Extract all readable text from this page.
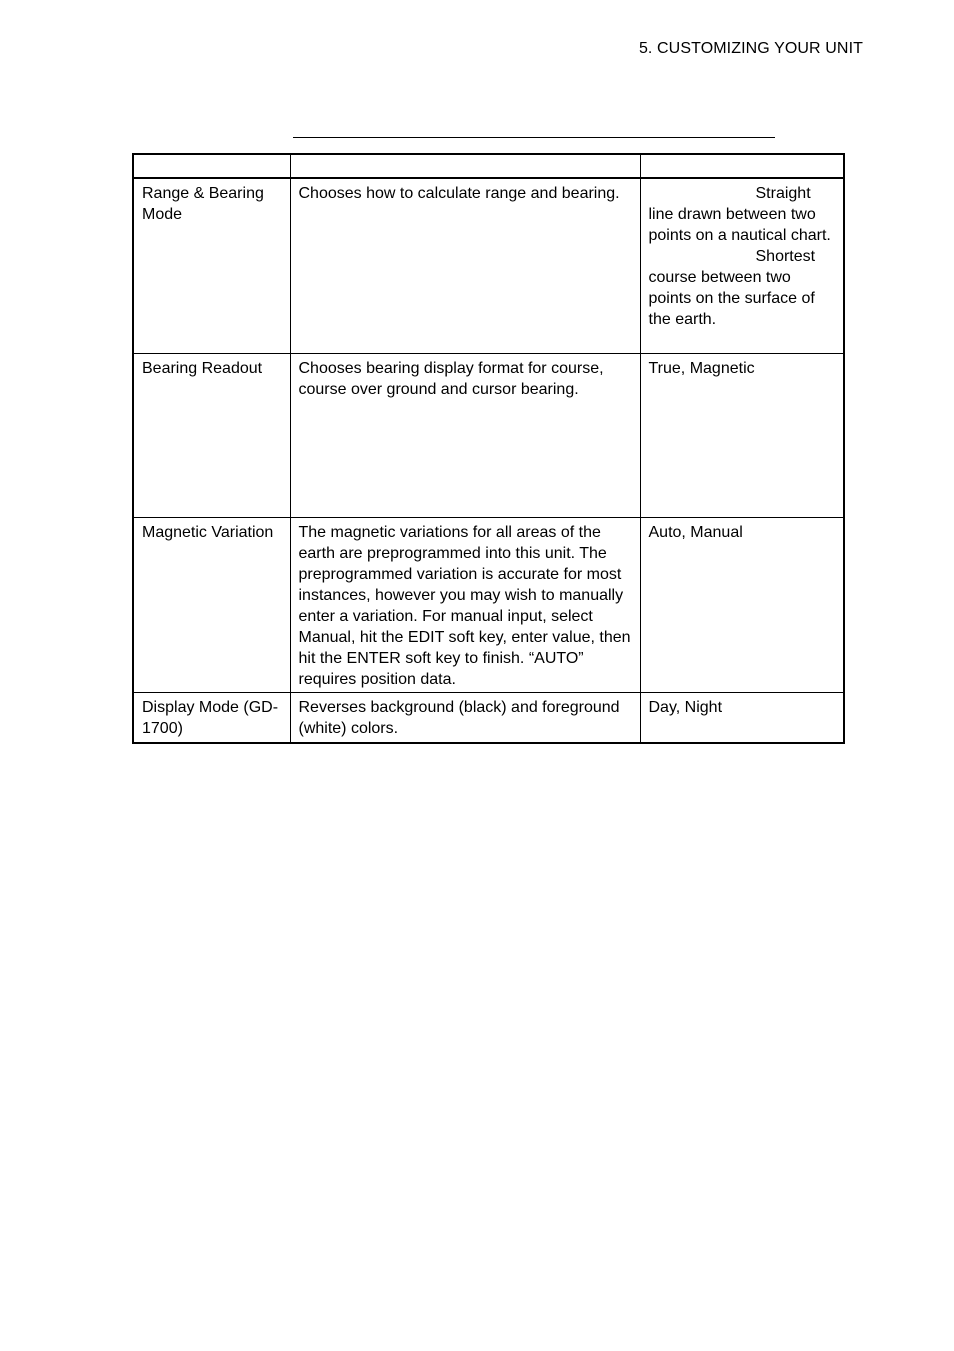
5. CUSTOMIZING YOUR UNIT

Range & Bearing Mode	Chooses how to calculate range and bearing.	Straight
line drawn between two points on a nautical chart.
Shortest
course between two points on the surface of the earth.

Bearing Readout	Chooses bearing display format for course, course over ground and cursor bearing.	True, Magnetic
Magnetic Variation	The magnetic variations for all areas of the earth are preprogrammed into this unit. The preprogrammed variation is accurate for most instances, however you may wish to manually enter a variation. For manual input, select Manual, hit the EDIT soft key, enter value, then hit the ENTER soft key to finish. “AUTO” requires position data.	Auto, Manual
Display Mode (GD-1700)	Reverses background (black) and foreground (white) colors.	Day, Night
